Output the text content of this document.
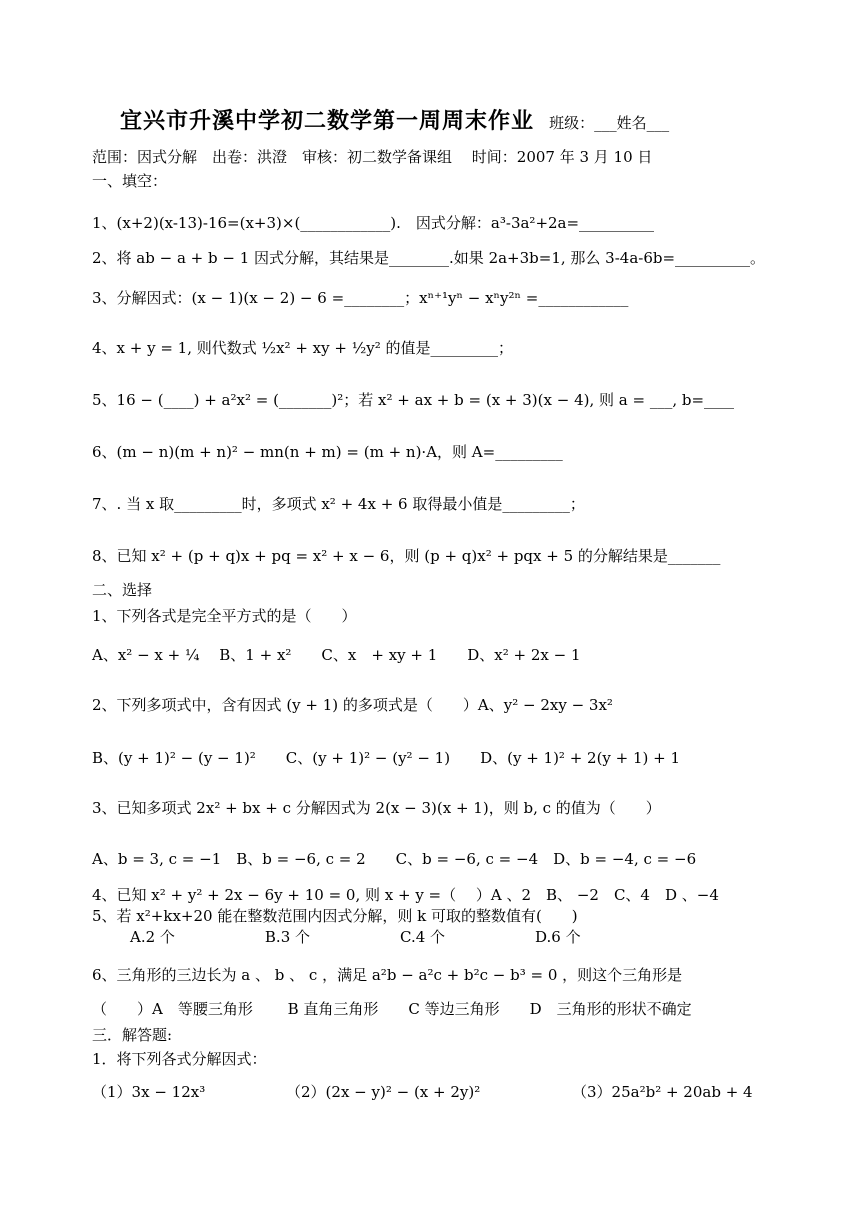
宜兴市升溪中学初二数学第一周周末作业 班级：___姓名___
范围：因式分解　出卷：洪澄　审核：初二数学备课组　 时间：2007 年 3 月 10 日
一、填空：
1、(x+2)(x-13)-16=(x+3)×(____________).　因式分解：a³-3a²+2a=__________
2、将 ab − a + b − 1 因式分解，其结果是________.如果 2a+3b=1, 那么 3-4a-6b=__________。
3、分解因式：(x − 1)(x − 2) − 6 =________；xⁿ⁺¹yⁿ − xⁿy²ⁿ =____________
4、x + y = 1, 则代数式 ½x² + xy + ½y² 的值是_________；
5、16 − (____) + a²x² = (_______)²；若 x² + ax + b = (x + 3)(x − 4), 则 a = ___, b=____
6、(m − n)(m + n)² − mn(n + m) = (m + n)·A，则 A=_________
7、. 当 x 取_________时，多项式 x² + 4x + 6 取得最小值是_________；
8、已知 x² + (p + q)x + pq = x² + x − 6，则 (p + q)x² + pqx + 5 的分解结果是_______
二、选择
1、下列各式是完全平方式的是（　　）
A、x² − x + ¼　 B、1 + x²　　C、x　+ xy + 1　　D、x² + 2x − 1
2、下列多项式中，含有因式 (y + 1) 的多项式是（　　）A、y² − 2xy − 3x²
B、(y + 1)² − (y − 1)²　　C、(y + 1)² − (y² − 1)　　D、(y + 1)² + 2(y + 1) + 1
3、已知多项式 2x² + bx + c 分解因式为 2(x − 3)(x + 1)，则 b, c 的值为（　　）
A、b = 3, c = −1　B、b = −6, c = 2　　C、b = −6, c = −4　D、b = −4, c = −6
4、已知 x² + y² + 2x − 6y + 10 = 0, 则 x + y =（　 ）A 、2　B、 −2　C、4　D 、−4
5、若 x²+kx+20 能在整数范围内因式分解，则 k 可取的整数值有(　　)
A.2 个　　　　　　B.3 个　　　　　　C.4 个　　　　　　D.6 个
6、三角形的三边长为 a 、 b 、 c ，满足 a²b − a²c + b²c − b³ = 0 ，则这个三角形是
（　　）A　等腰三角形　　 B 直角三角形　　C 等边三角形　　D　三角形的形状不确定
三．解答题:
1．将下列各式分解因式：
（1）3x − 12x³	（2）(2x − y)² − (x + 2y)²	（3）25a²b² + 20ab + 4
